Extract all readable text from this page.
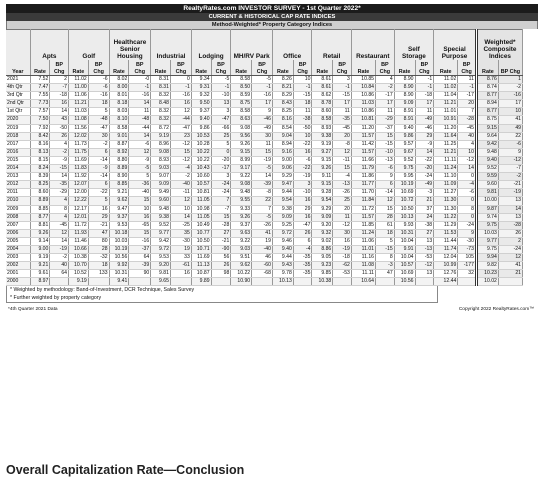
RealtyRates.com INVESTOR SURVEY - 1st Quarter 2022*
CURRENT & HISTORICAL CAP RATE INDICES
Method-Weighted* Property Category Indices
	Apts		Golf		Healthcare Senior Housing		Industrial		Lodging		MH/RV Park		Office		Retail		Restaurant		Self Storage		Special Purpose		Weighted* Composite Indices	
Year	Rate	BP Chg	Rate	BP Chg	Rate	BP Chg	Rate	BP Chg	Rate	BP Chg	Rate	BP Chg	Rate	BP Chg	Rate	BP Chg	Rate	BP Chg	Rate	BP Chg	Rate	BP Chg	Rate	BP Chg
2021	7.52	2	11.02	-6	8.02	-0	8.31	0	9.34	-5	8.58	-5	8.26	10	8.61	3	10.85	4	8.90	-1	11.02	11	8.76	1
4th Qtr	7.47	-7	11.00	-6	8.00	-1	8.31	-1	9.31	-1	8.50	-1	8.21	-1	8.61	-1	10.84	-2	8.90	-1	11.02	-1	8.74	-2
3rd Qtr	7.55	-18	11.06	-16	8.01	-16	8.32	-16	9.32	-10	8.59	-16	8.29	-15	8.62	-15	10.86	-17	8.90	-18	11.04	-17	8.77	-16
2nd Qtr	7.73	16	11.21	18	8.18	14	8.48	16	9.50	13	8.75	17	8.43	18	8.78	17	11.03	17	9.09	17	11.21	20	8.94	17
1st Qtr	7.57	14	11.03	5	8.03	11	8.32	12	9.37	3	8.58	9	8.25	11	8.60	11	10.86	11	8.91	11	11.01	7	8.77	10
2020	7.50	43	11.08	-48	8.10	-48	8.32	-44	9.40	-47	8.63	-46	8.16	-38	8.58	-35	10.81	-29	8.91	-49	10.91	-28	8.75	41
2019	7.92	-50	11.56	-47	8.58	-44	8.72	-47	9.86	-66	9.08	-49	8.54	-50	8.93	-45	11.20	-37	9.40	-46	11.20	-45	9.15	49
2018	8.42	26	12.02	30	9.01	14	9.19	23	10.53	25	9.56	30	9.04	10	9.38	20	11.57	15	9.86	29	11.64	40	9.64	22
2017	8.16	4	11.73	-2	8.87	-6	8.96	-12	10.28	5	9.26	11	8.94	-22	9.19	-8	11.42	-15	9.57	-9	11.25	4	9.42	-6
2016	8.13	-2	11.75	6	8.92	12	9.08	15	10.22	0	9.15	15	9.16	16	9.27	12	11.57	-10	9.67	14	11.21	10	9.48	9
2015	8.15	-9	11.69	-14	8.80	-9	8.93	-12	10.22	-20	8.99	-19	9.00	-6	9.15	-11	11.66	-13	9.52	-22	11.11	-12	9.40	-12
2014	8.24	-15	11.83	-9	8.89	-5	9.03	-4	10.43	-17	9.17	-5	9.06	-22	9.26	15	11.79	-6	9.75	-20	11.24	14	9.52	-7
2013	8.39	14	11.92	-14	8.90	5	9.07	-2	10.60	3	9.22	14	9.29	-19	9.11	-4	11.86	9	9.95	-24	11.10	0	9.59	-2
2012	8.25	-35	12.07	6	8.85	-36	9.09	-40	10.57	-24	9.08	-39	9.47	3	9.15	-13	11.77	6	10.19	-49	11.09	-4	9.60	-21
2011	8.60	-29	12.00	-22	9.21	-40	9.49	-11	10.81	-24	9.48	-8	9.44	-10	9.28	-26	11.70	-14	10.69	-3	11.27	-6	9.81	-19
2010	8.89	4	12.22	5	9.62	15	9.60	12	11.05	7	9.55	22	9.54	16	9.54	25	11.84	12	10.72	21	11.30	0	10.00	13
2009	8.85	8	12.17	16	9.47	10	9.48	10	10.98	-7	9.33	7	9.38	29	9.29	20	11.72	15	10.50	37	11.30	8	9.87	14
2008	8.77	4	12.01	29	9.37	16	9.38	14	11.05	15	9.26	-5	9.09	16	9.09	11	11.57	28	10.13	24	11.22	0	9.74	13
2007	8.81	-45	11.72	-21	9.53	-65	9.52	-25	10.49	-28	9.37	-26	9.25	-47	9.20	-12	11.85	61	9.93	-38	11.29	-24	9.75	-28
2006	9.26	12	11.93	47	10.18	15	9.77	35	10.77	27	9.63	41	9.72	26	9.32	30	11.24	18	10.31	27	11.53	9	10.03	26
2005	9.14	14	11.46	80	10.03	-16	9.42	-30	10.50	-21	9.22	19	9.46	6	9.02	16	11.06	5	10.04	13	11.44	-30	9.77	2
2004	9.00	-19	10.66	28	10.19	-37	9.72	19	10.71	-90	9.03	-40	9.40	-4	8.86	-19	11.01	-15	9.91	-13	11.74	-73	9.75	-24
2003	9.19	-2	10.38	-32	10.56	64	9.53	33	11.69	56	9.51	46	9.44	-35	9.05	-18	11.16	8	10.04	-53	12.04	105	9.94	12
2002	9.21	40	10.70	18	9.92	-39	9.20	-61	11.13	26	9.62	-60	9.43	-35	9.23	-62	11.08	-3	10.57	-12	10.99	-177	9.82	41
2001	9.61	64	10.52	133	10.31	90	9.81	16	10.87	98	10.22	-68	9.78	-35	9.85	-53	11.11	47	10.69	13	12.76	32	10.23	21
2000	8.97		9.19		9.41		9.65		9.89		10.90		10.13		10.38		10.64		10.56		12.44		10.02	
* Weighted by methodology: Band-of-Investment, DCR Technique, Sales Survey
* Further weighted by property category
*4th Quarter 2021 Data	Copyright 2022 RealtyRates.com™
Overall Capitalization Rate—Conclusion
